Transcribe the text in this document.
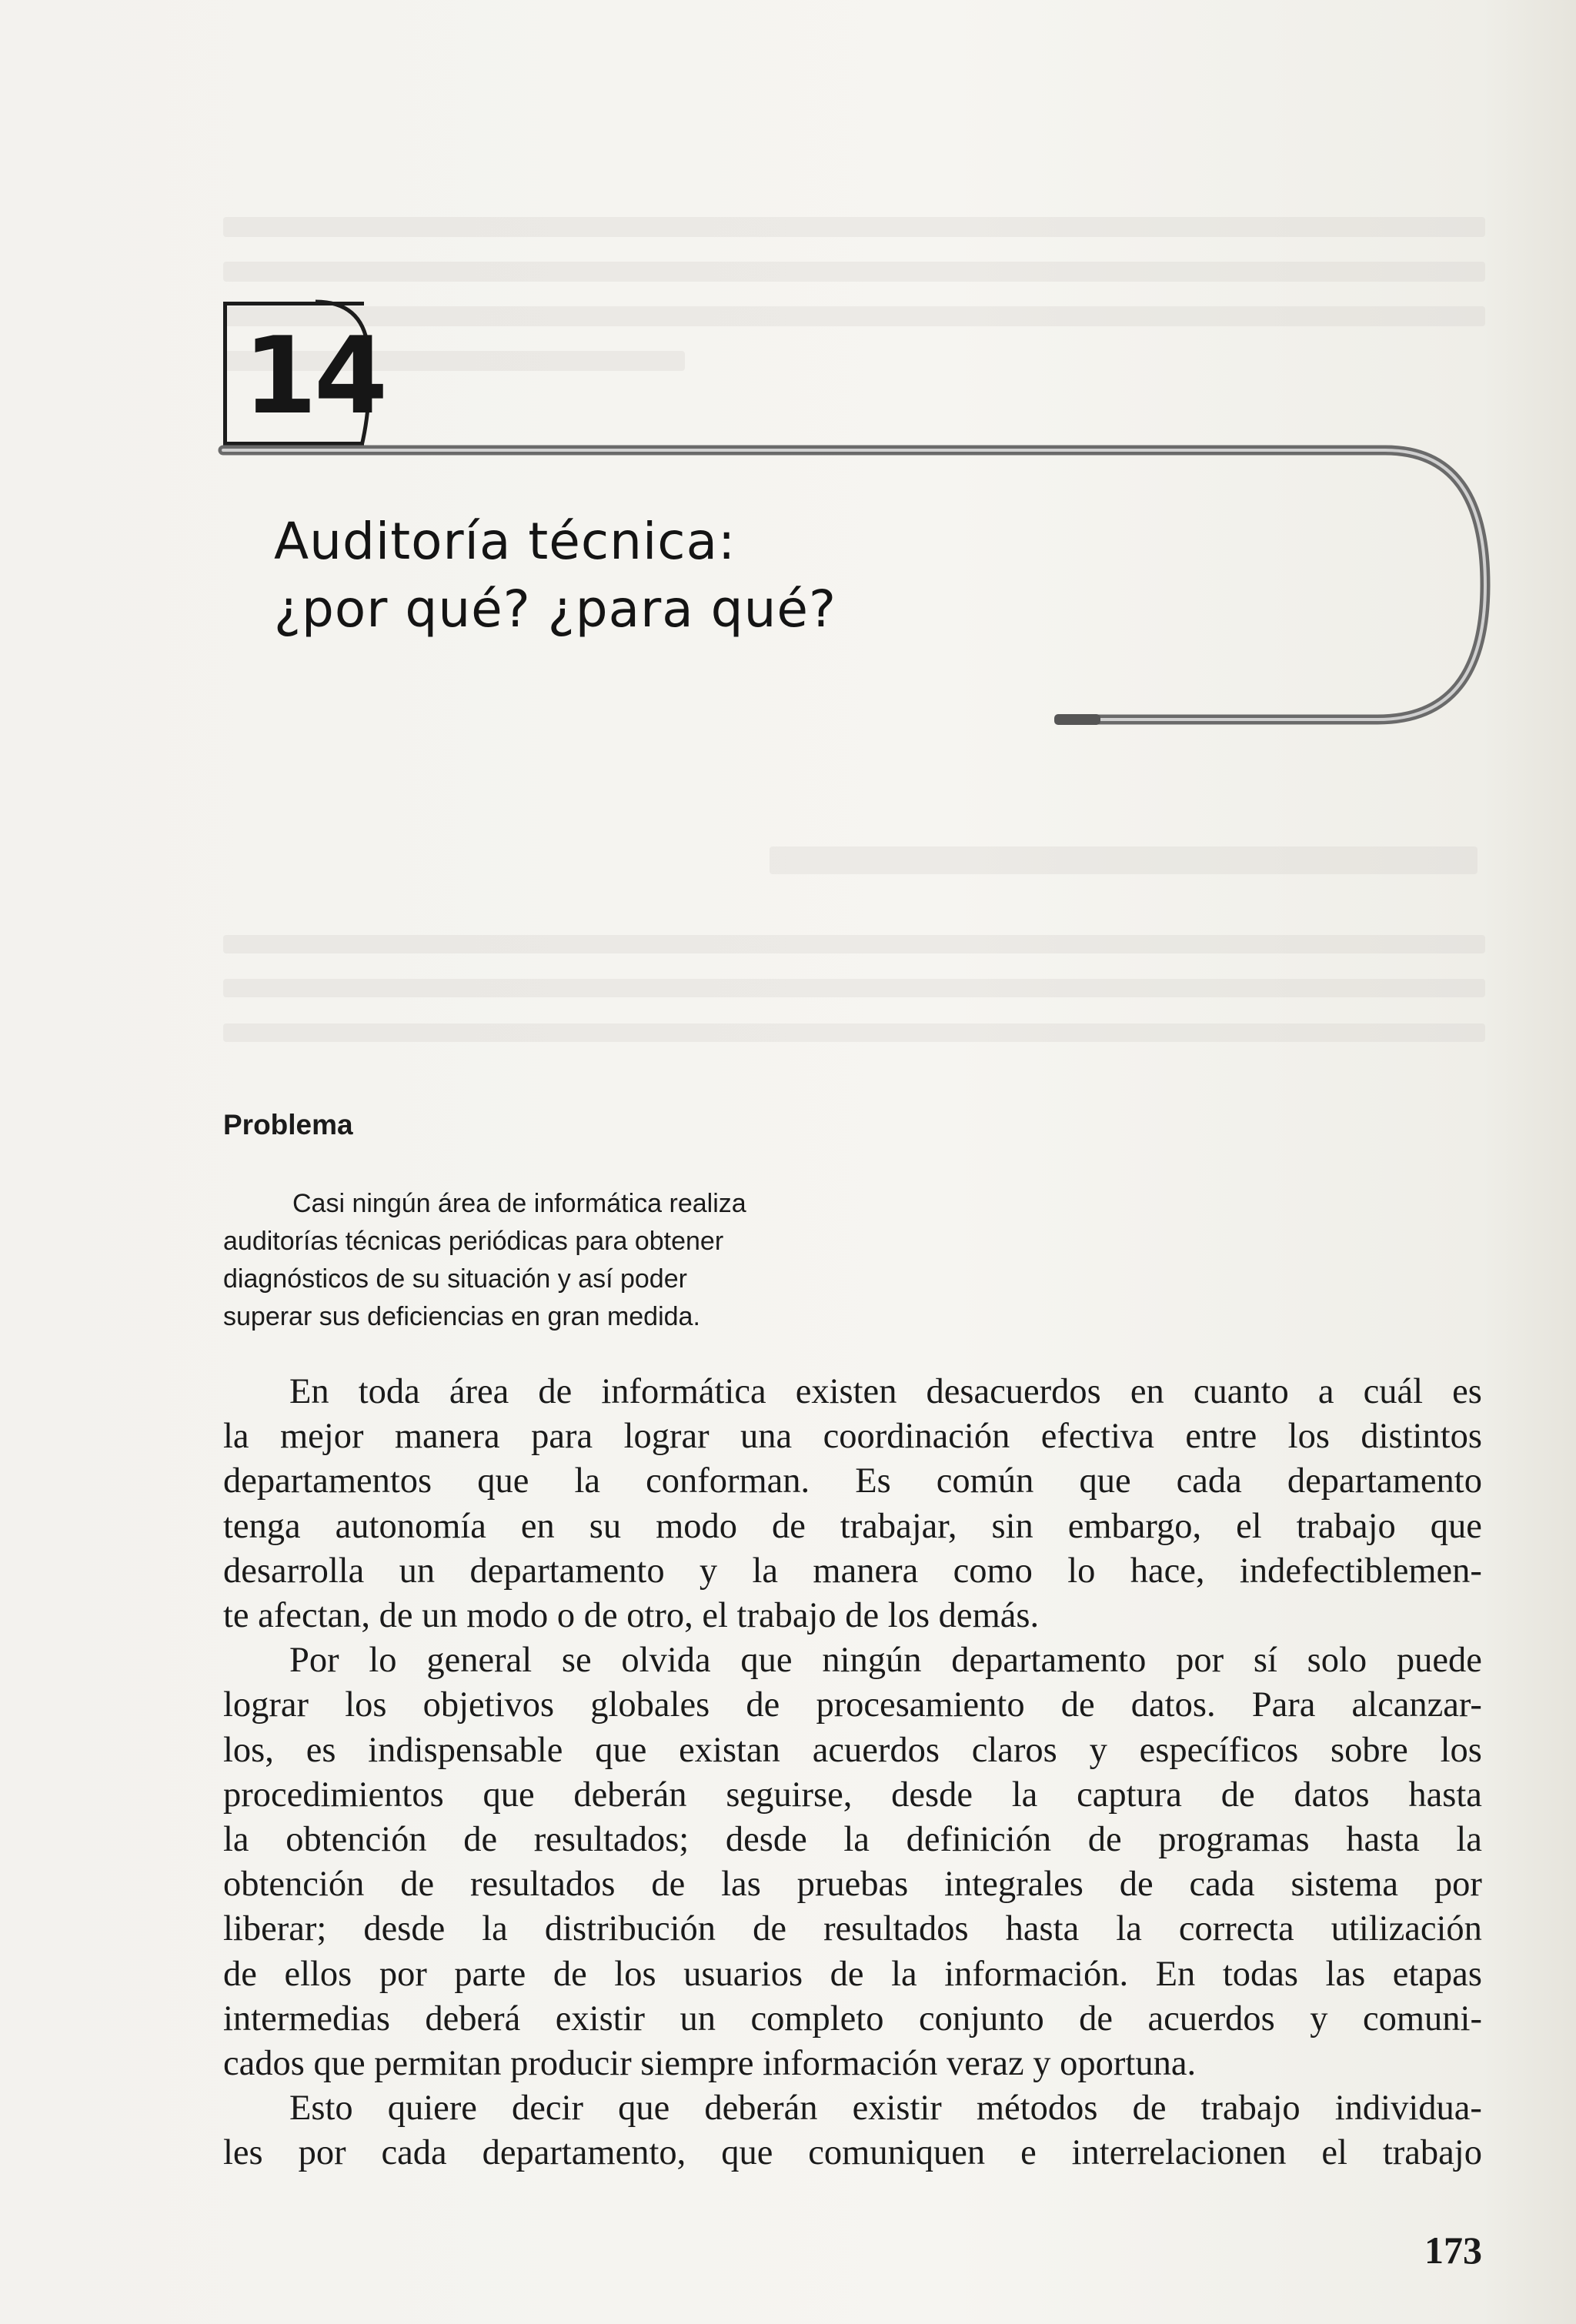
14
Auditoría técnica:
¿por qué? ¿para qué?
Problema
Casi ningún área de informática realiza
auditorías técnicas periódicas para obtener
diagnósticos de su situación y así poder
superar sus deficiencias en gran medida.
En toda área de informática existen desacuerdos en cuanto a cuál es
la mejor manera para lograr una coordinación efectiva entre los distintos
departamentos que la conforman. Es común que cada departamento
tenga autonomía en su modo de trabajar, sin embargo, el trabajo que
desarrolla un departamento y la manera como lo hace, indefectiblemen-
te afectan, de un modo o de otro, el trabajo de los demás.
Por lo general se olvida que ningún departamento por sí solo puede
lograr los objetivos globales de procesamiento de datos. Para alcanzar-
los, es indispensable que existan acuerdos claros y específicos sobre los
procedimientos que deberán seguirse, desde la captura de datos hasta
la obtención de resultados; desde la definición de programas hasta la
obtención de resultados de las pruebas integrales de cada sistema por
liberar; desde la distribución de resultados hasta la correcta utilización
de ellos por parte de los usuarios de la información. En todas las etapas
intermedias deberá existir un completo conjunto de acuerdos y comuni-
cados que permitan producir siempre información veraz y oportuna.
Esto quiere decir que deberán existir métodos de trabajo individua-
les por cada departamento, que comuniquen e interrelacionen el trabajo
173
